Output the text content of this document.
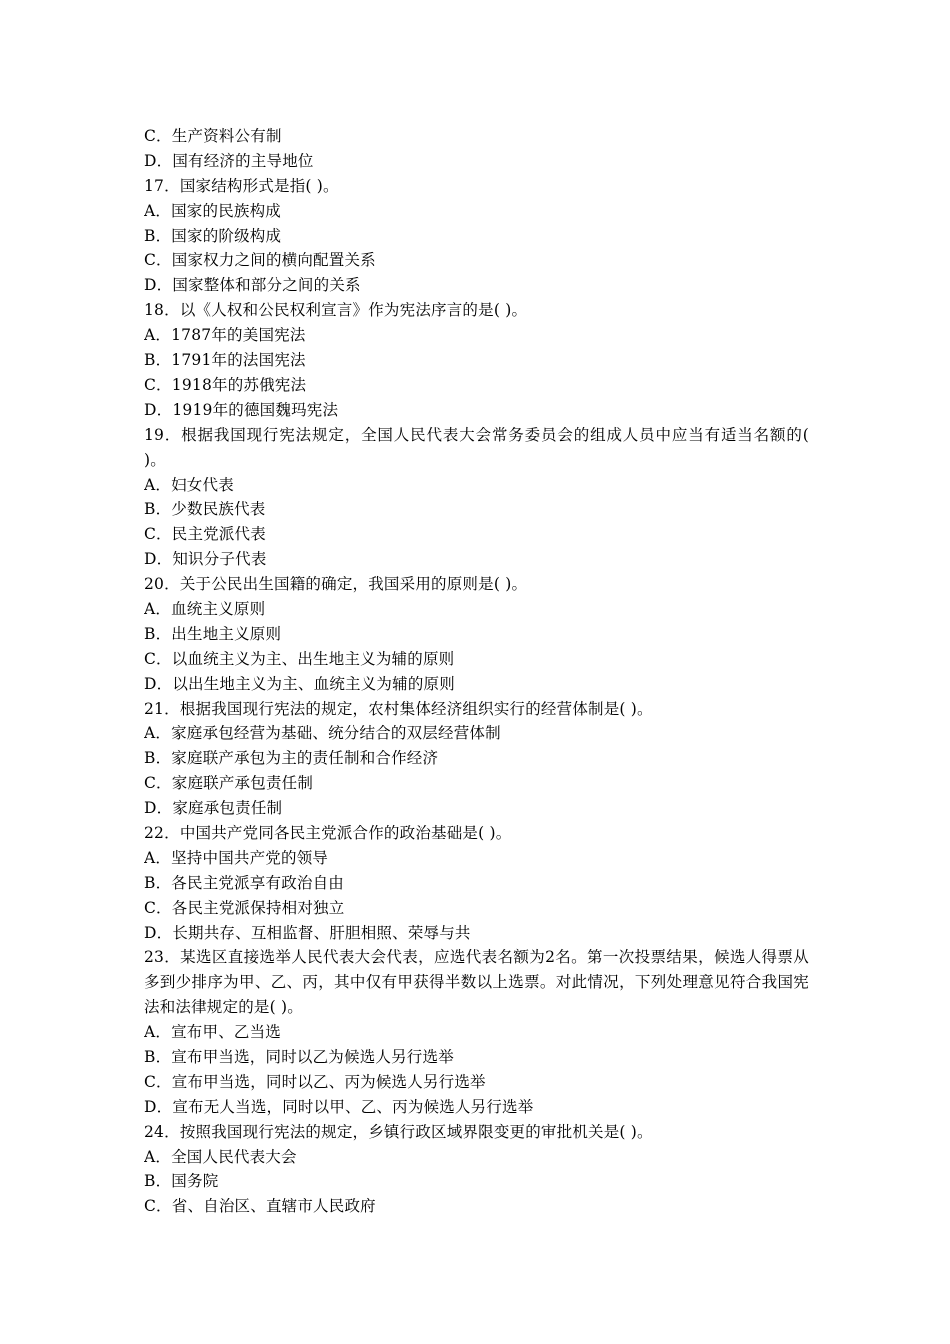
C．生产资料公有制
D．国有经济的主导地位
17．国家结构形式是指( )。
A．国家的民族构成
B．国家的阶级构成
C．国家权力之间的横向配置关系
D．国家整体和部分之间的关系
18．以《人权和公民权利宣言》作为宪法序言的是( )。
A．1787年的美国宪法
B．1791年的法国宪法
C．1918年的苏俄宪法
D．1919年的德国魏玛宪法
19．根据我国现行宪法规定，全国人民代表大会常务委员会的组成人员中应当有适当名额的( )。
A．妇女代表
B．少数民族代表
C．民主党派代表
D．知识分子代表
20．关于公民出生国籍的确定，我国采用的原则是( )。
A．血统主义原则
B．出生地主义原则
C．以血统主义为主、出生地主义为辅的原则
D．以出生地主义为主、血统主义为辅的原则
21．根据我国现行宪法的规定，农村集体经济组织实行的经营体制是( )。
A．家庭承包经营为基础、统分结合的双层经营体制
B．家庭联产承包为主的责任制和合作经济
C．家庭联产承包责任制
D．家庭承包责任制
22．中国共产党同各民主党派合作的政治基础是( )。
A．坚持中国共产党的领导
B．各民主党派享有政治自由
C．各民主党派保持相对独立
D．长期共存、互相监督、肝胆相照、荣辱与共
23．某选区直接选举人民代表大会代表，应选代表名额为2名。第一次投票结果，候选人得票从多到少排序为甲、乙、丙，其中仅有甲获得半数以上选票。对此情况，下列处理意见符合我国宪法和法律规定的是( )。
A．宣布甲、乙当选
B．宣布甲当选，同时以乙为候选人另行选举
C．宣布甲当选，同时以乙、丙为候选人另行选举
D．宣布无人当选，同时以甲、乙、丙为候选人另行选举
24．按照我国现行宪法的规定，乡镇行政区域界限变更的审批机关是( )。
A．全国人民代表大会
B．国务院
C．省、自治区、直辖市人民政府
